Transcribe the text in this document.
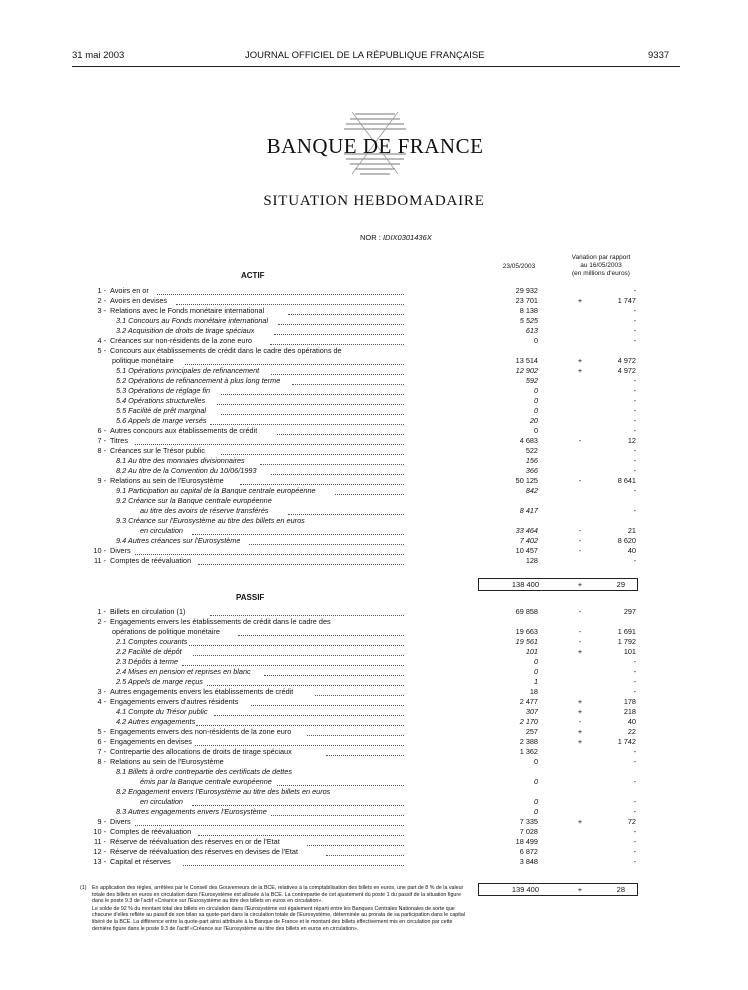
31 mai 2003	JOURNAL OFFICIEL DE LA RÉPUBLIQUE FRANÇAISE	9337
BANQUE DE FRANCE
SITUATION HEBDOMADAIRE
NOR : IDIX0301436X
Variation par rapport
au 16/05/2003
(en millions d'euros)
23/05/2003
ACTIF
1 - Avoirs en or	29 932	-
2 - Avoirs en devises	23 701	+	1 747
3 - Relations avec le Fonds monétaire international	8 138	-
3.1 Concours au Fonds monétaire international	5 525	-
3.2 Acquisition de droits de tirage spéciaux	613	-
4 - Créances sur non-résidents de la zone euro	0	-
5 - Concours aux établissements de crédit dans le cadre des opérations de
politique monétaire	13 514	+	4 972
5.1 Opérations principales de refinancement	12 902	+	4 972
5.2 Opérations de refinancement à plus long terme	592	-
5.3 Opérations de réglage fin	0	-
5.4 Opérations structurelles	0	-
5.5 Facilité de prêt marginal	0	-
5.6 Appels de marge versés	20	-
6 - Autres concours aux établissements de crédit	0	-
7 - Titres	4 683	-	12
8 - Créances sur le Trésor public	522	-
8.1 Au titre des monnaies divisionnaires	156	-
8.2 Au titre de la Convention du 10/06/1993	366	-
9 - Relations au sein de l'Eurosystème	50 125	-	8 641
9.1 Participation au capital de la Banque centrale européenne	842	-
9.2 Créance sur la Banque centrale européenne
au titre des avoirs de réserve transférés	8 417	-
9.3 Créance sur l'Eurosystème au titre des billets en euros
en circulation	33 464	-	21
9.4 Autres créances sur l'Eurosystème	7 402	-	8 620
10 - Divers	10 457	-	40
11 - Comptes de réévaluation	128	-
138 400	+	29
PASSIF
1 - Billets en circulation (1)	69 858	-	297
2 - Engagements envers les établissements de crédit dans le cadre des
opérations de politique monétaire	19 663	-	1 691
2.1 Comptes courants	19 561	-	1 792
2.2 Facilité de dépôt	101	+	101
2.3 Dépôts à terme	0	-
2.4 Mises en pension et reprises en blanc	0	-
2.5 Appels de marge reçus	1	-
3 - Autres engagements envers les établissements de crédit	18	-
4 - Engagements envers d'autres résidents	2 477	+	178
4.1 Compte du Trésor public	307	+	218
4.2 Autres engagements	2 170	-	40
5 - Engagements envers des non-résidents de la zone euro	257	+	22
6 - Engagements en devises	2 388	+	1 742
7 - Contrepartie des allocations de droits de tirage spéciaux	1 362	-
8 - Relations au sein de l'Eurosystème	0	-
8.1 Billets à ordre contrepartie des certificats de dettes
émis par la Banque centrale européenne	0	-
8.2 Engagement envers l'Eurosystème au titre des billets en euros
en circulation	0	-
8.3 Autres engagements envers l'Eurosystème	0	-
9 - Divers	7 335	+	72
10 - Comptes de réévaluation	7 028	-
11 - Réserve de réévaluation des réserves en or de l'Etat	18 499	-
12 - Réserve de réévaluation des réserves en devises de l'Etat	6 872	-
13 - Capital et réserves	3 848	-
139 400	+	28
(1) En application des règles, arrêtées par le Conseil des Gouverneurs de la BCE, relatives à la comptabilisation des billets en euros, une part de 8 % de la valeur totale des billets en euros en circulation dans l'Eurosystème est allouée à la BCE. La contrepartie de cet ajustement du poste 1 du passif de la situation figure dans le poste 9.3 de l'actif «Créance sur l'Eurosystème au titre des billets en euros en circulation».

Le solde de 92 % du montant total des billets en circulation dans l'Eurosystème est également réparti entre les Banques Centrales Nationales de sorte que chacune d'elles reflète au passif de son bilan sa quote-part dans la circulation totale de l'Eurosystème, déterminée au prorata de sa participation dans le capital libéré de la BCE. La différence entre la quote-part ainsi attribuée à la Banque de France et le montant des billets effectivement mis en circulation par cette dernière figure dans le poste 9.3 de l'actif «Créance sur l'Eurosystème au titre des billets en euros en circulation».
